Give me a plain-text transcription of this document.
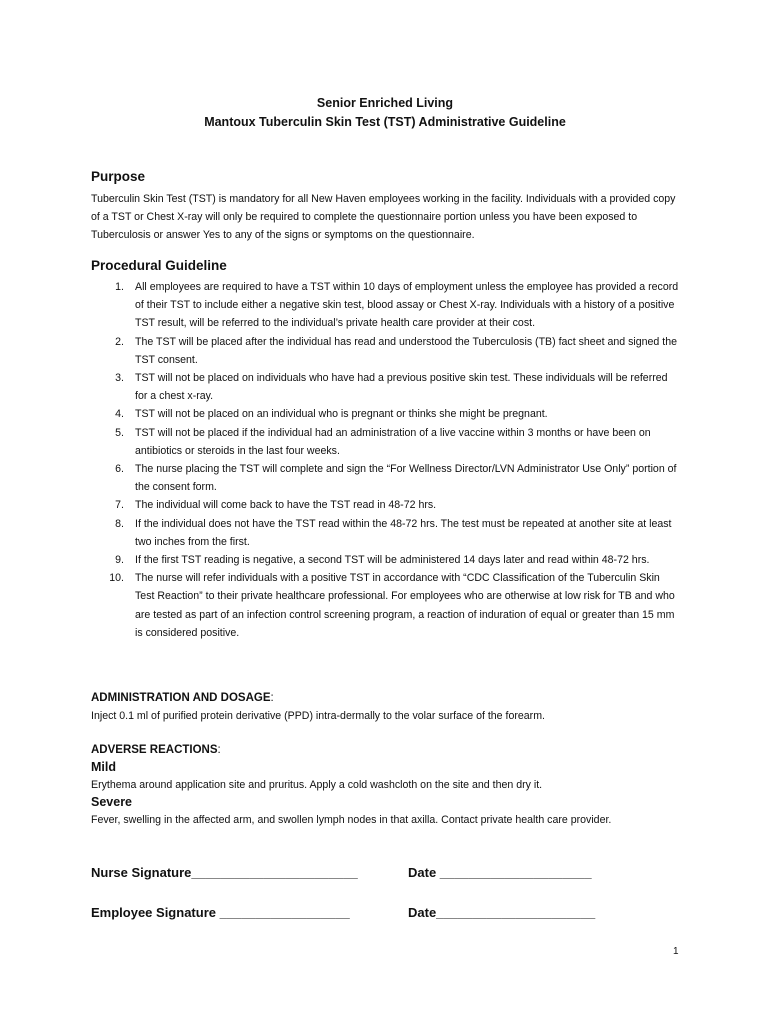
Senior Enriched Living
Mantoux Tuberculin Skin Test (TST) Administrative Guideline
Purpose

Tuberculin Skin Test (TST) is mandatory for all New Haven employees working in the facility. Individuals with a provided copy of a TST or Chest X-ray will only be required to complete the questionnaire portion unless you have been exposed to Tuberculosis or answer Yes to any of the signs or symptoms on the questionnaire.

Procedural Guideline
1. All employees are required to have a TST within 10 days of employment unless the employee has provided a record of their TST to include either a negative skin test, blood assay or Chest X-ray. Individuals with a history of a positive TST result, will be referred to the individual’s private health care provider at their cost.
2. The TST will be placed after the individual has read and understood the Tuberculosis (TB) fact sheet and signed the TST consent.
3. TST will not be placed on individuals who have had a previous positive skin test. These individuals will be referred for a chest x-ray.
4. TST will not be placed on an individual who is pregnant or thinks she might be pregnant.
5. TST will not be placed if the individual had an administration of a live vaccine within 3 months or have been on antibiotics or steroids in the last four weeks.
6. The nurse placing the TST will complete and sign the “For Wellness Director/LVN Administrator Use Only” portion of the consent form.
7. The individual will come back to have the TST read in 48-72 hrs.
8. If the individual does not have the TST read within the 48-72 hrs. The test must be repeated at another site at least two inches from the first.
9. If the first TST reading is negative, a second TST will be administered 14 days later and read within 48-72 hrs.
10. The nurse will refer individuals with a positive TST in accordance with “CDC Classification of the Tuberculin Skin Test Reaction” to their private healthcare professional. For employees who are otherwise at low risk for TB and who are tested as part of an infection control screening program, a reaction of induration of equal or greater than 15 mm is considered positive.
ADMINISTRATION AND DOSAGE:

Inject 0.1 ml of purified protein derivative (PPD) intra-dermally to the volar surface of the forearm.

ADVERSE REACTIONS:
Mild

Erythema around application site and pruritus. Apply a cold washcloth on the site and then dry it.

Severe

Fever, swelling in the affected arm, and swollen lymph nodes in that axilla. Contact private health care provider.

Nurse Signature_______________________	Date _____________________
Employee Signature __________________	Date______________________
1
